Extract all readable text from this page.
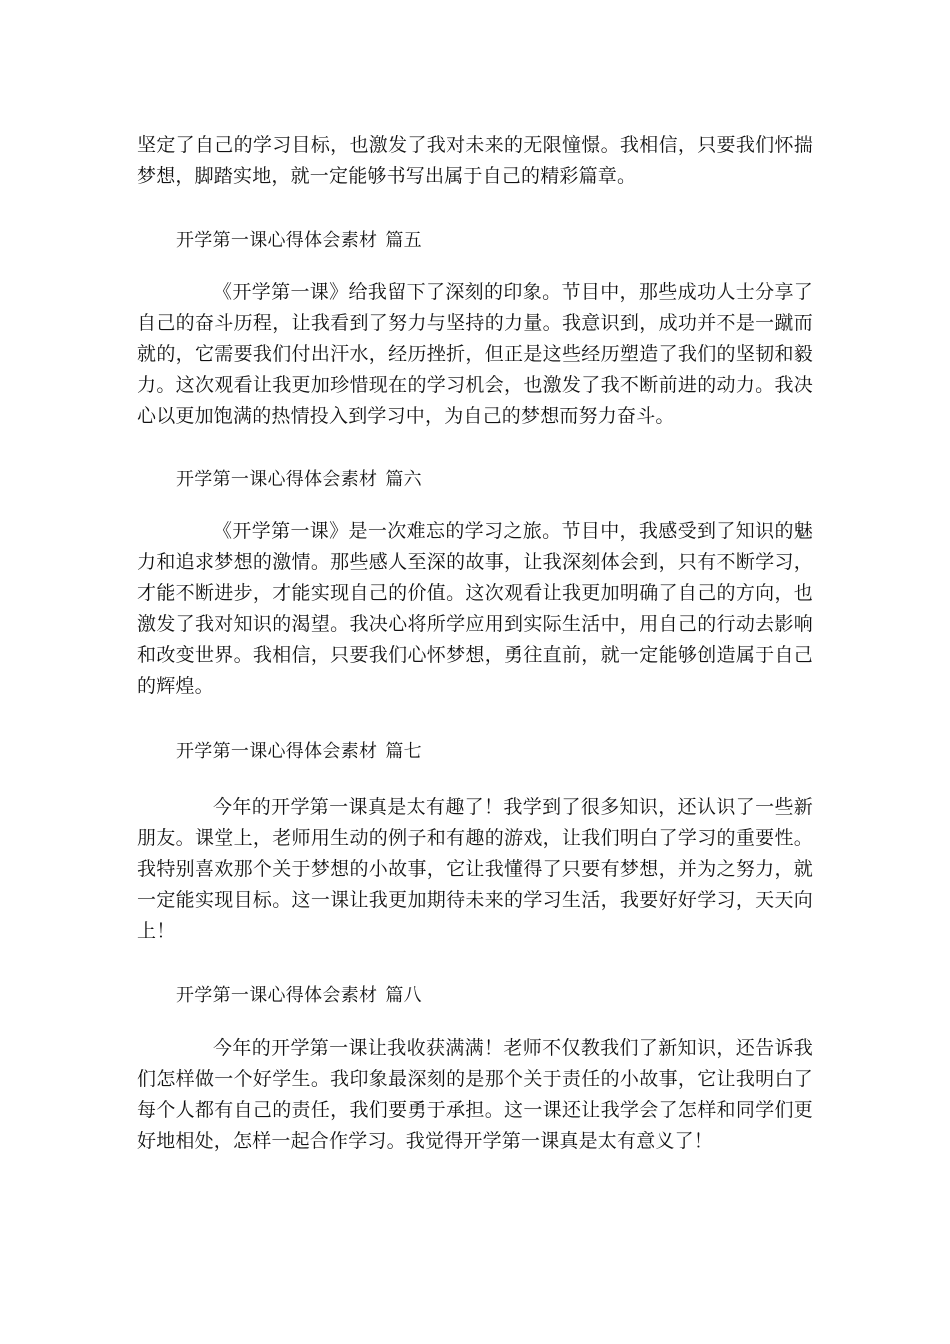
坚定了自己的学习目标，也激发了我对未来的无限憧憬。我相信，只要我们怀揣梦想，脚踏实地，就一定能够书写出属于自己的精彩篇章。

开学第一课心得体会素材 篇五

《开学第一课》给我留下了深刻的印象。节目中，那些成功人士分享了自己的奋斗历程，让我看到了努力与坚持的力量。我意识到，成功并不是一蹴而就的，它需要我们付出汗水，经历挫折，但正是这些经历塑造了我们的坚韧和毅力。这次观看让我更加珍惜现在的学习机会，也激发了我不断前进的动力。我决心以更加饱满的热情投入到学习中，为自己的梦想而努力奋斗。

开学第一课心得体会素材 篇六

《开学第一课》是一次难忘的学习之旅。节目中，我感受到了知识的魅力和追求梦想的激情。那些感人至深的故事，让我深刻体会到，只有不断学习，才能不断进步，才能实现自己的价值。这次观看让我更加明确了自己的方向，也激发了我对知识的渴望。我决心将所学应用到实际生活中，用自己的行动去影响和改变世界。我相信，只要我们心怀梦想，勇往直前，就一定能够创造属于自己的辉煌。

开学第一课心得体会素材 篇七

今年的开学第一课真是太有趣了！我学到了很多知识，还认识了一些新朋友。课堂上，老师用生动的例子和有趣的游戏，让我们明白了学习的重要性。我特别喜欢那个关于梦想的小故事，它让我懂得了只要有梦想，并为之努力，就一定能实现目标。这一课让我更加期待未来的学习生活，我要好好学习，天天向上！

开学第一课心得体会素材 篇八

今年的开学第一课让我收获满满！老师不仅教我们了新知识，还告诉我们怎样做一个好学生。我印象最深刻的是那个关于责任的小故事，它让我明白了每个人都有自己的责任，我们要勇于承担。这一课还让我学会了怎样和同学们更好地相处，怎样一起合作学习。我觉得开学第一课真是太有意义了！
